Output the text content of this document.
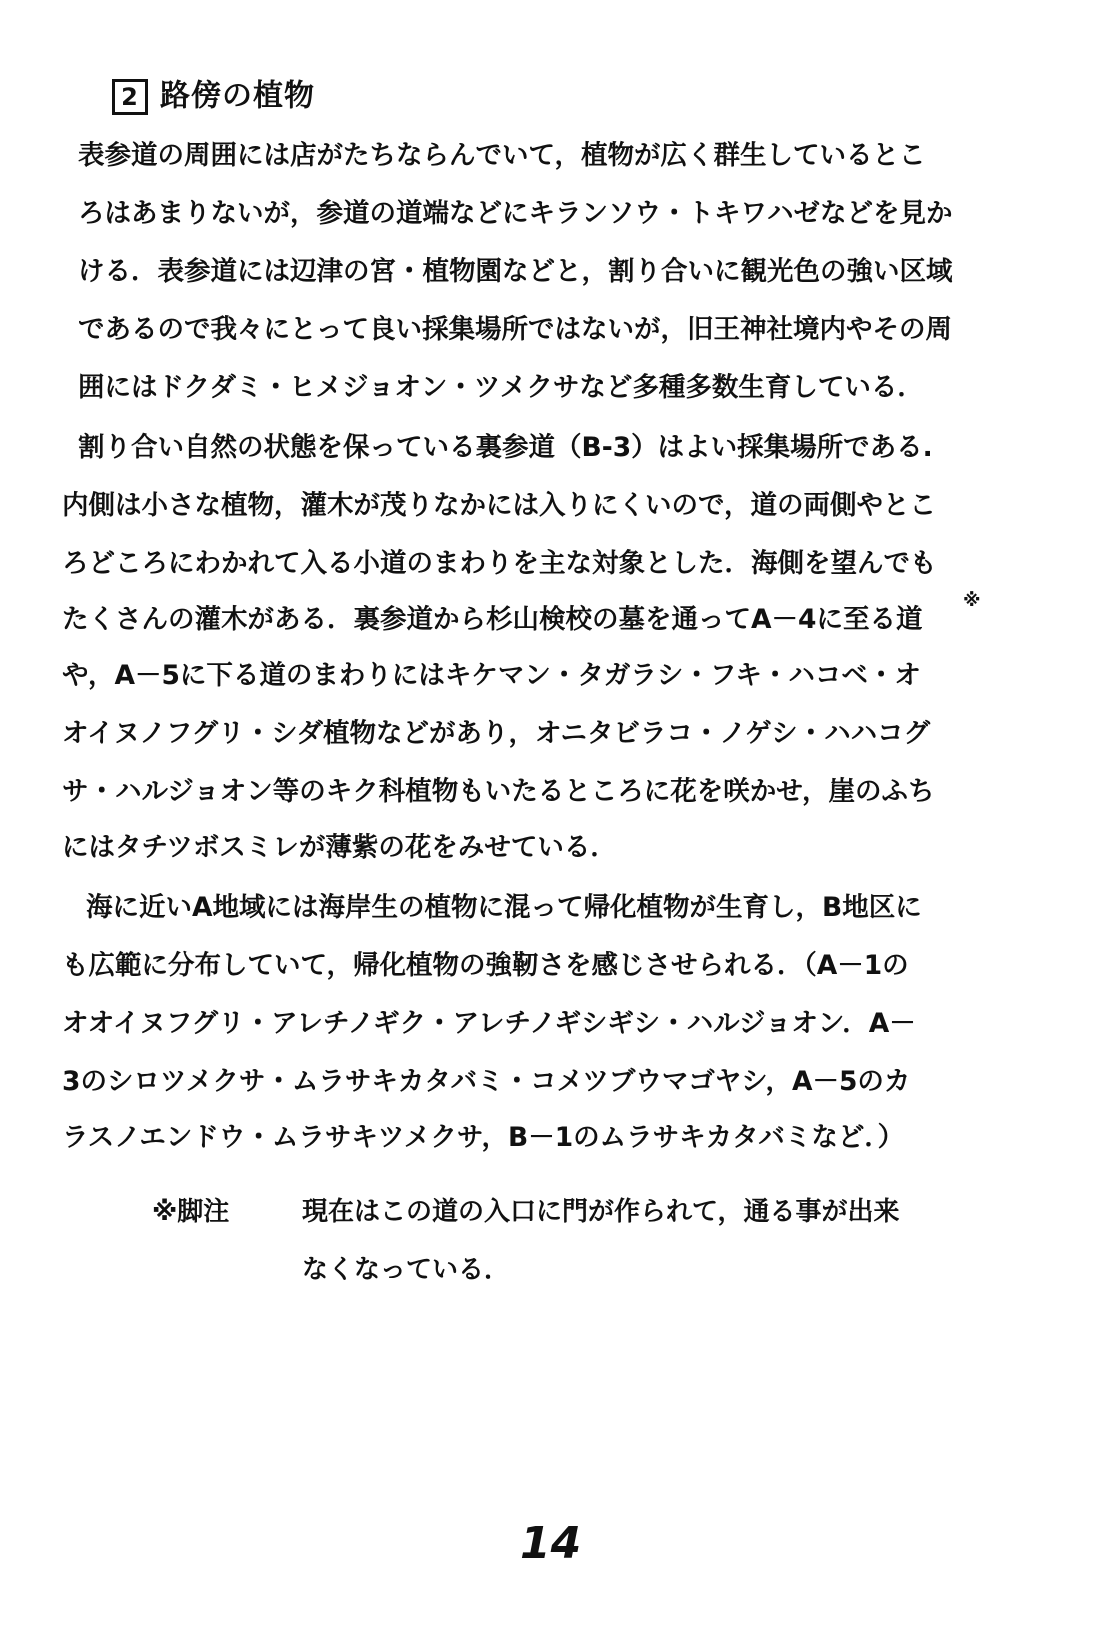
2 路傍の植物
表参道の周囲には店がたちならんでいて，植物が広く群生しているとこ
ろはあまりないが，参道の道端などにキランソウ・トキワハゼなどを見か
ける．表参道には辺津の宮・植物園などと，割り合いに観光色の強い区域
であるので我々にとって良い採集場所ではないが，旧王神社境内やその周
囲にはドクダミ・ヒメジョオン・ツメクサなど多種多数生育している．
割り合い自然の状態を保っている裏参道（B-3）はよい採集場所である.
内側は小さな植物，灌木が茂りなかには入りにくいので，道の両側やとこ
ろどころにわかれて入る小道のまわりを主な対象とした．海側を望んでも
たくさんの灌木がある．裏参道から杉山検校の墓を通ってA－4に至る道
や，A－5に下る道のまわりにはキケマン・タガラシ・フキ・ハコベ・オ
オイヌノフグリ・シダ植物などがあり，オニタビラコ・ノゲシ・ハハコグ
サ・ハルジョオン等のキク科植物もいたるところに花を咲かせ，崖のふち
にはタチツボスミレが薄紫の花をみせている．
海に近いA地域には海岸生の植物に混って帰化植物が生育し，B地区に
も広範に分布していて，帰化植物の強靭さを感じさせられる．（A－1の
オオイヌフグリ・アレチノギク・アレチノギシギシ・ハルジョオン．A－
3のシロツメクサ・ムラサキカタバミ・コメツブウマゴヤシ，A－5のカ
ラスノエンドウ・ムラサキツメクサ，B－1のムラサキカタバミなど．）
※
※脚注	現在はこの道の入口に門が作られて，通る事が出来
なくなっている．
14
